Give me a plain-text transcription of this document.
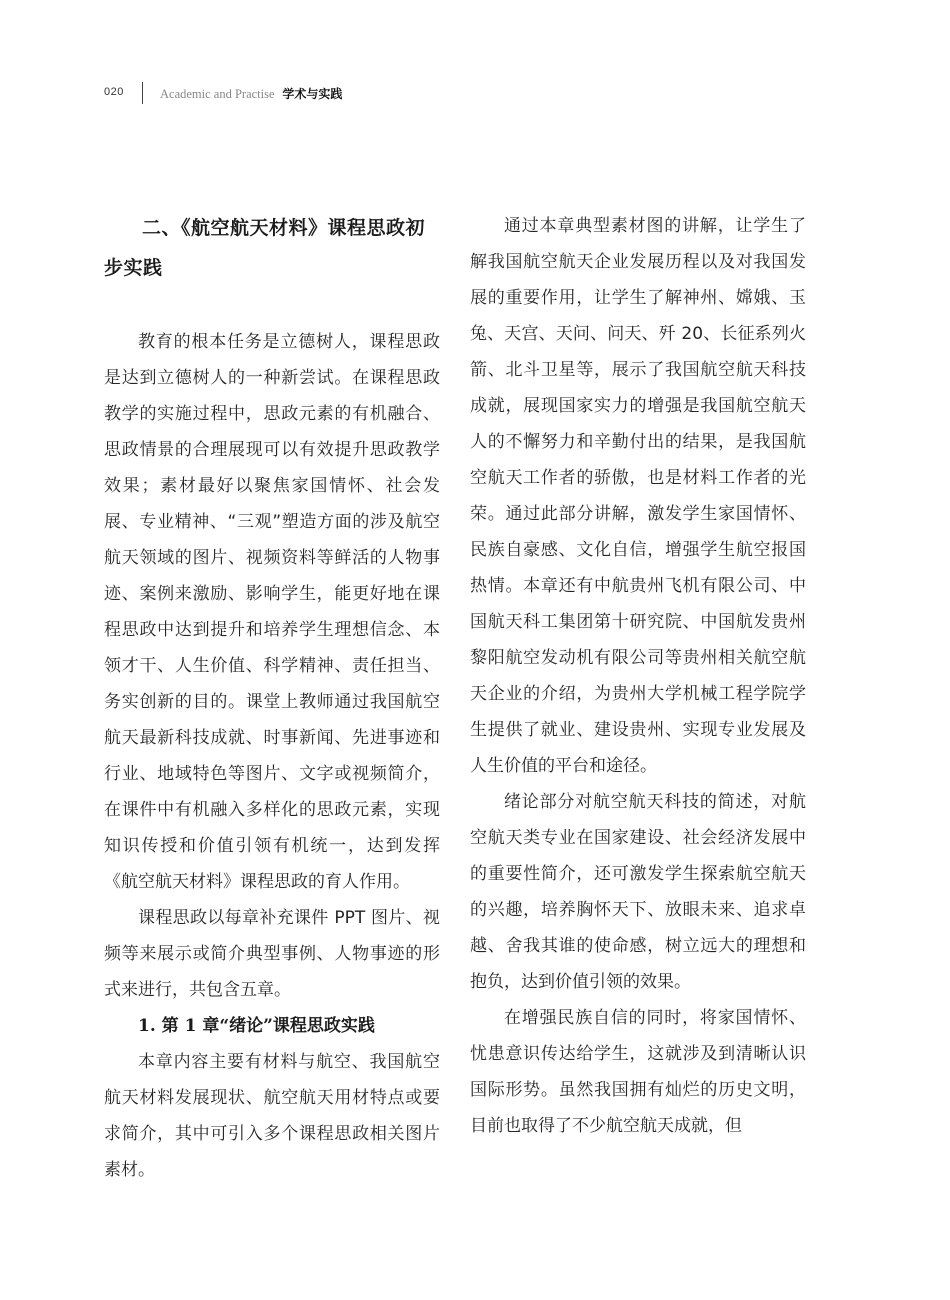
020	Academic and Practise 学术与实践
二、《航空航天材料》课程思政初步实践

教育的根本任务是立德树人，课程思政是达到立德树人的一种新尝试。在课程思政教学的实施过程中，思政元素的有机融合、思政情景的合理展现可以有效提升思政教学效果；素材最好以聚焦家国情怀、社会发展、专业精神、“三观”塑造方面的涉及航空航天领域的图片、视频资料等鲜活的人物事迹、案例来激励、影响学生，能更好地在课程思政中达到提升和培养学生理想信念、本领才干、人生价值、科学精神、责任担当、务实创新的目的。课堂上教师通过我国航空航天最新科技成就、时事新闻、先进事迹和行业、地域特色等图片、文字或视频简介，在课件中有机融入多样化的思政元素，实现知识传授和价值引领有机统一，达到发挥《航空航天材料》课程思政的育人作用。

课程思政以每章补充课件 PPT 图片、视频等来展示或简介典型事例、人物事迹的形式来进行，共包含五章。

1. 第 1 章“绪论”课程思政实践

本章内容主要有材料与航空、我国航空航天材料发展现状、航空航天用材特点或要求简介，其中可引入多个课程思政相关图片素材。

通过本章典型素材图的讲解，让学生了解我国航空航天企业发展历程以及对我国发展的重要作用，让学生了解神州、嫦娥、玉兔、天宫、天问、问天、歼 20、长征系列火箭、北斗卫星等，展示了我国航空航天科技成就，展现国家实力的增强是我国航空航天人的不懈努力和辛勤付出的结果，是我国航空航天工作者的骄傲，也是材料工作者的光荣。通过此部分讲解，激发学生家国情怀、民族自豪感、文化自信，增强学生航空报国热情。本章还有中航贵州飞机有限公司、中国航天科工集团第十研究院、中国航发贵州黎阳航空发动机有限公司等贵州相关航空航天企业的介绍，为贵州大学机械工程学院学生提供了就业、建设贵州、实现专业发展及人生价值的平台和途径。

绪论部分对航空航天科技的简述，对航空航天类专业在国家建设、社会经济发展中的重要性简介，还可激发学生探索航空航天的兴趣，培养胸怀天下、放眼未来、追求卓越、舍我其谁的使命感，树立远大的理想和抱负，达到价值引领的效果。

在增强民族自信的同时，将家国情怀、忧患意识传达给学生，这就涉及到清晰认识国际形势。虽然我国拥有灿烂的历史文明，目前也取得了不少航空航天成就，但
